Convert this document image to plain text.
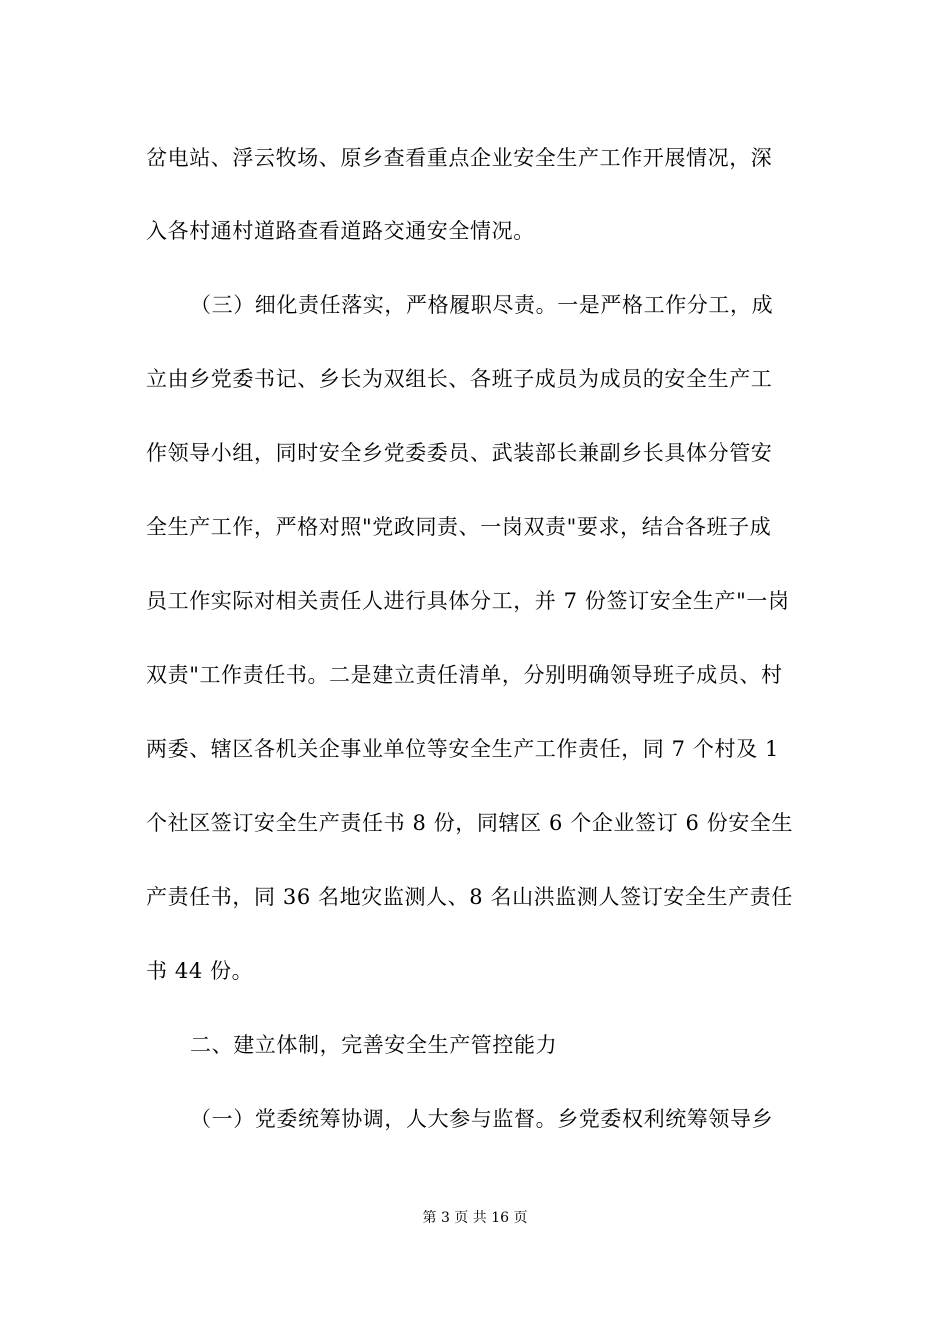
岔电站、浮云牧场、原乡查看重点企业安全生产工作开展情况，深
入各村通村道路查看道路交通安全情况。
（三）细化责任落实，严格履职尽责。一是严格工作分工，成
立由乡党委书记、乡长为双组长、各班子成员为成员的安全生产工
作领导小组，同时安全乡党委委员、武装部长兼副乡长具体分管安
全生产工作，严格对照"党政同责、一岗双责"要求，结合各班子成
员工作实际对相关责任人进行具体分工，并 7 份签订安全生产"一岗
双责"工作责任书。二是建立责任清单，分别明确领导班子成员、村
两委、辖区各机关企事业单位等安全生产工作责任，同 7 个村及 1
个社区签订安全生产责任书 8 份，同辖区 6 个企业签订 6 份安全生
产责任书，同 36 名地灾监测人、8 名山洪监测人签订安全生产责任
书 44 份。
二、建立体制，完善安全生产管控能力
（一）党委统筹协调，人大参与监督。乡党委权利统筹领导乡
第 3 页 共 16 页
